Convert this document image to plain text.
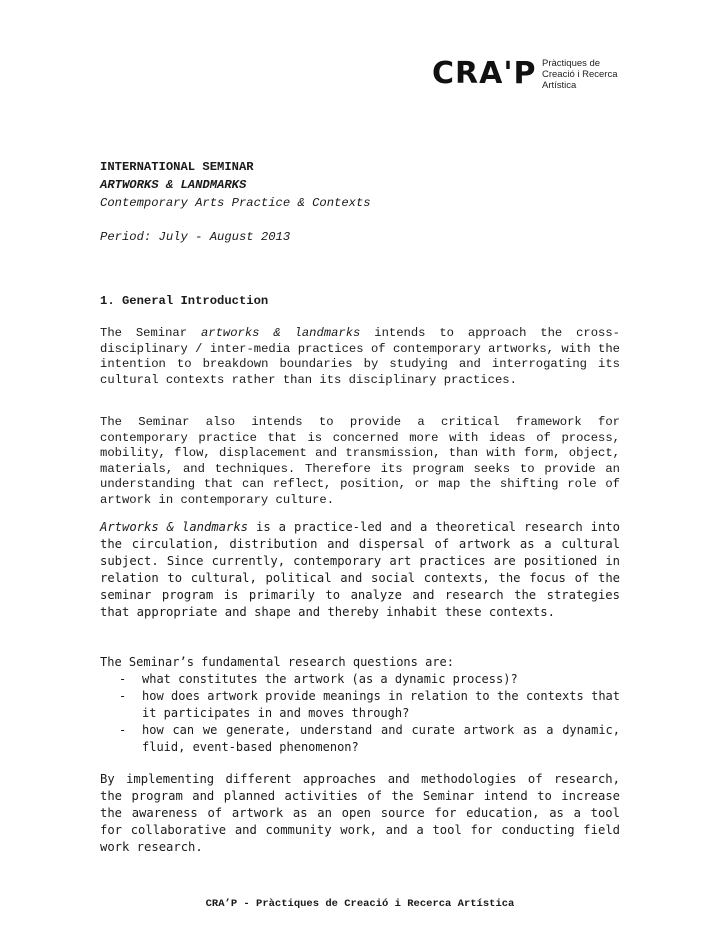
CRA'P Pràctiques de
Creació i Recerca
Artística
INTERNATIONAL SEMINAR
ARTWORKS & LANDMARKS
Contemporary Arts Practice & Contexts
Period: July - August 2013
1. General Introduction
The Seminar artworks & landmarks intends to approach the cross-disciplinary / inter-media practices of contemporary artworks, with the intention to breakdown boundaries by studying and interrogating its cultural contexts rather than its disciplinary practices.
The Seminar also intends to provide a critical framework for contemporary practice that is concerned more with ideas of process, mobility, flow, displacement and transmission, than with form, object, materials, and techniques. Therefore its program seeks to provide an understanding that can reflect, position, or map the shifting role of artwork in contemporary culture.
Artworks & landmarks is a practice-led and a theoretical research into the circulation, distribution and dispersal of artwork as a cultural subject. Since currently, contemporary art practices are positioned in relation to cultural, political and social contexts, the focus of the seminar program is primarily to analyze and research the strategies that appropriate and shape and thereby inhabit these contexts.
The Seminar’s fundamental research questions are:
- what constitutes the artwork (as a dynamic process)?
- how does artwork provide meanings in relation to the contexts that it participates in and moves through?
- how can we generate, understand and curate artwork as a dynamic, fluid, event-based phenomenon?
By implementing different approaches and methodologies of research, the program and planned activities of the Seminar intend to increase the awareness of artwork as an open source for education, as a tool for collaborative and community work, and a tool for conducting field work research.
CRA’P - Pràctiques de Creació i Recerca Artística
